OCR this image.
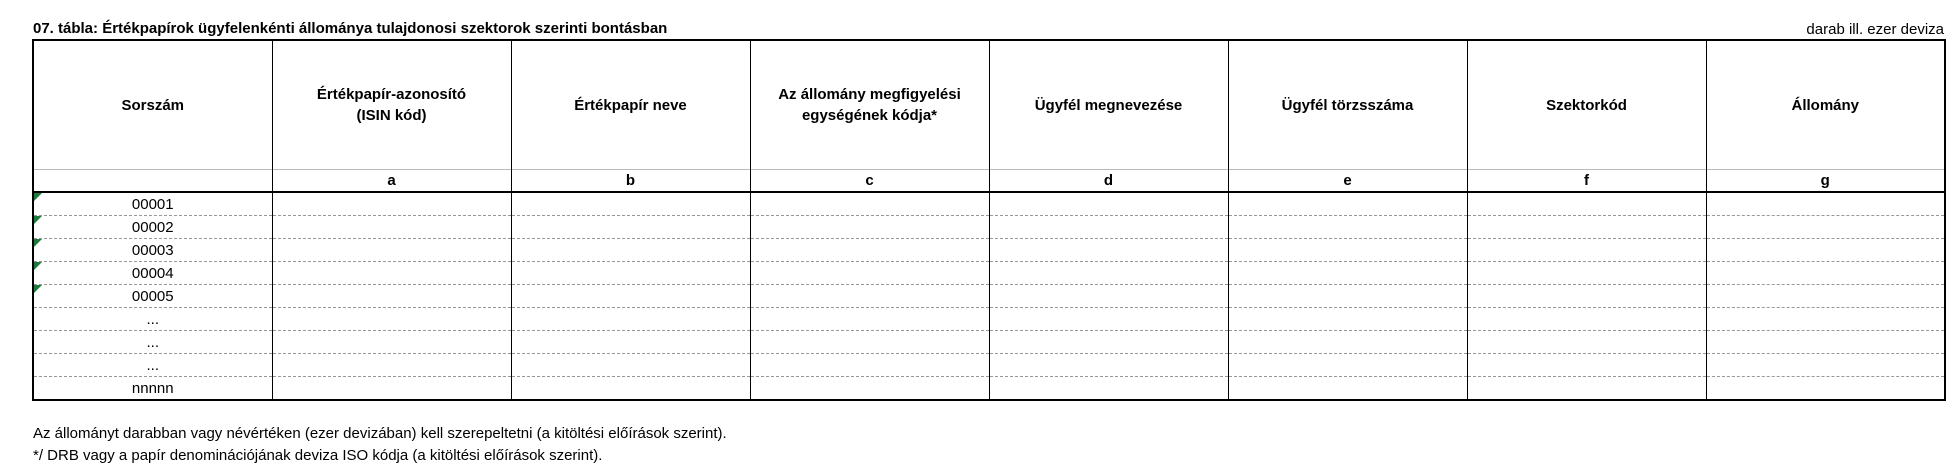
07. tábla: Értékpapírok ügyfelenkénti állománya tulajdonosi szektorok szerinti bontásban	darab ill. ezer deviza
Sorszám	Értékpapír-azonosító (ISIN kód)	Értékpapír neve	Az állomány megfigyelési egységének kódja*	Ügyfél megnevezése	Ügyfél törzsszáma	Szektorkód	Állomány
	a	b	c	d	e	f	g

00001							

00002							

00003							

00004							

00005							
...							
...							
...							
nnnnn							
Az állományt darabban vagy névértéken (ezer devizában) kell szerepeltetni (a kitöltési előírások szerint).
*/ DRB vagy a papír denominációjának deviza ISO kódja (a kitöltési előírások szerint).
